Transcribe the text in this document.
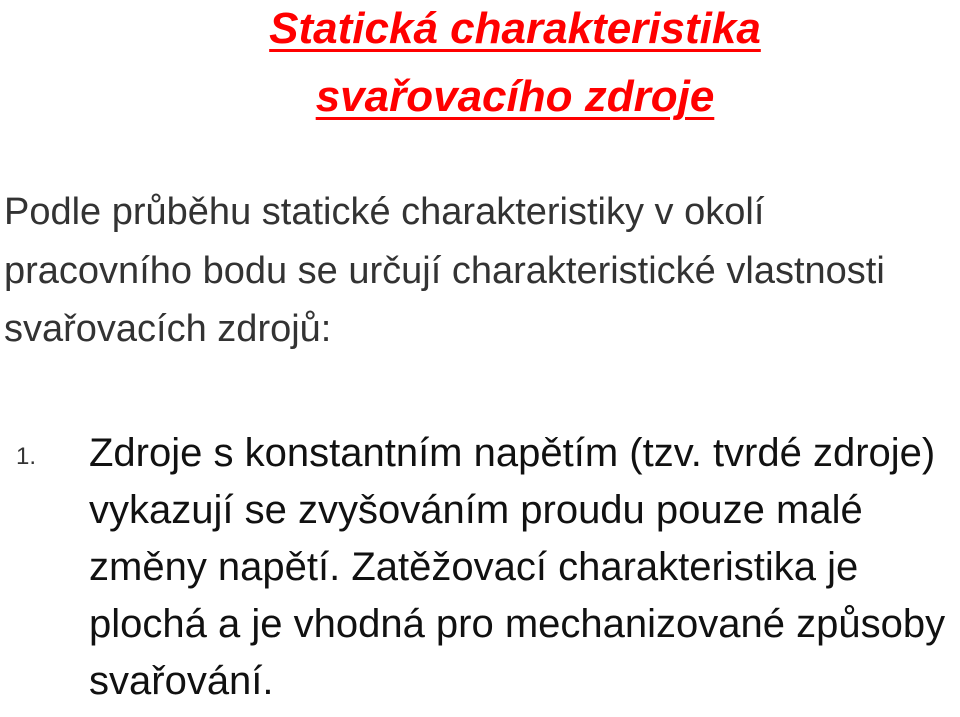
Statická charakteristika
svařovacího zdroje

Podle průběhu statické charakteristiky v okolí pracovního bodu se určují charakteristické vlastnosti svařovacích zdrojů:

1. Zdroje s konstantním napětím (tzv. tvrdé zdroje) vykazují se zvyšováním proudu pouze malé změny napětí. Zatěžovací charakteristika je plochá a je vhodná pro mechanizované způsoby svařování.
